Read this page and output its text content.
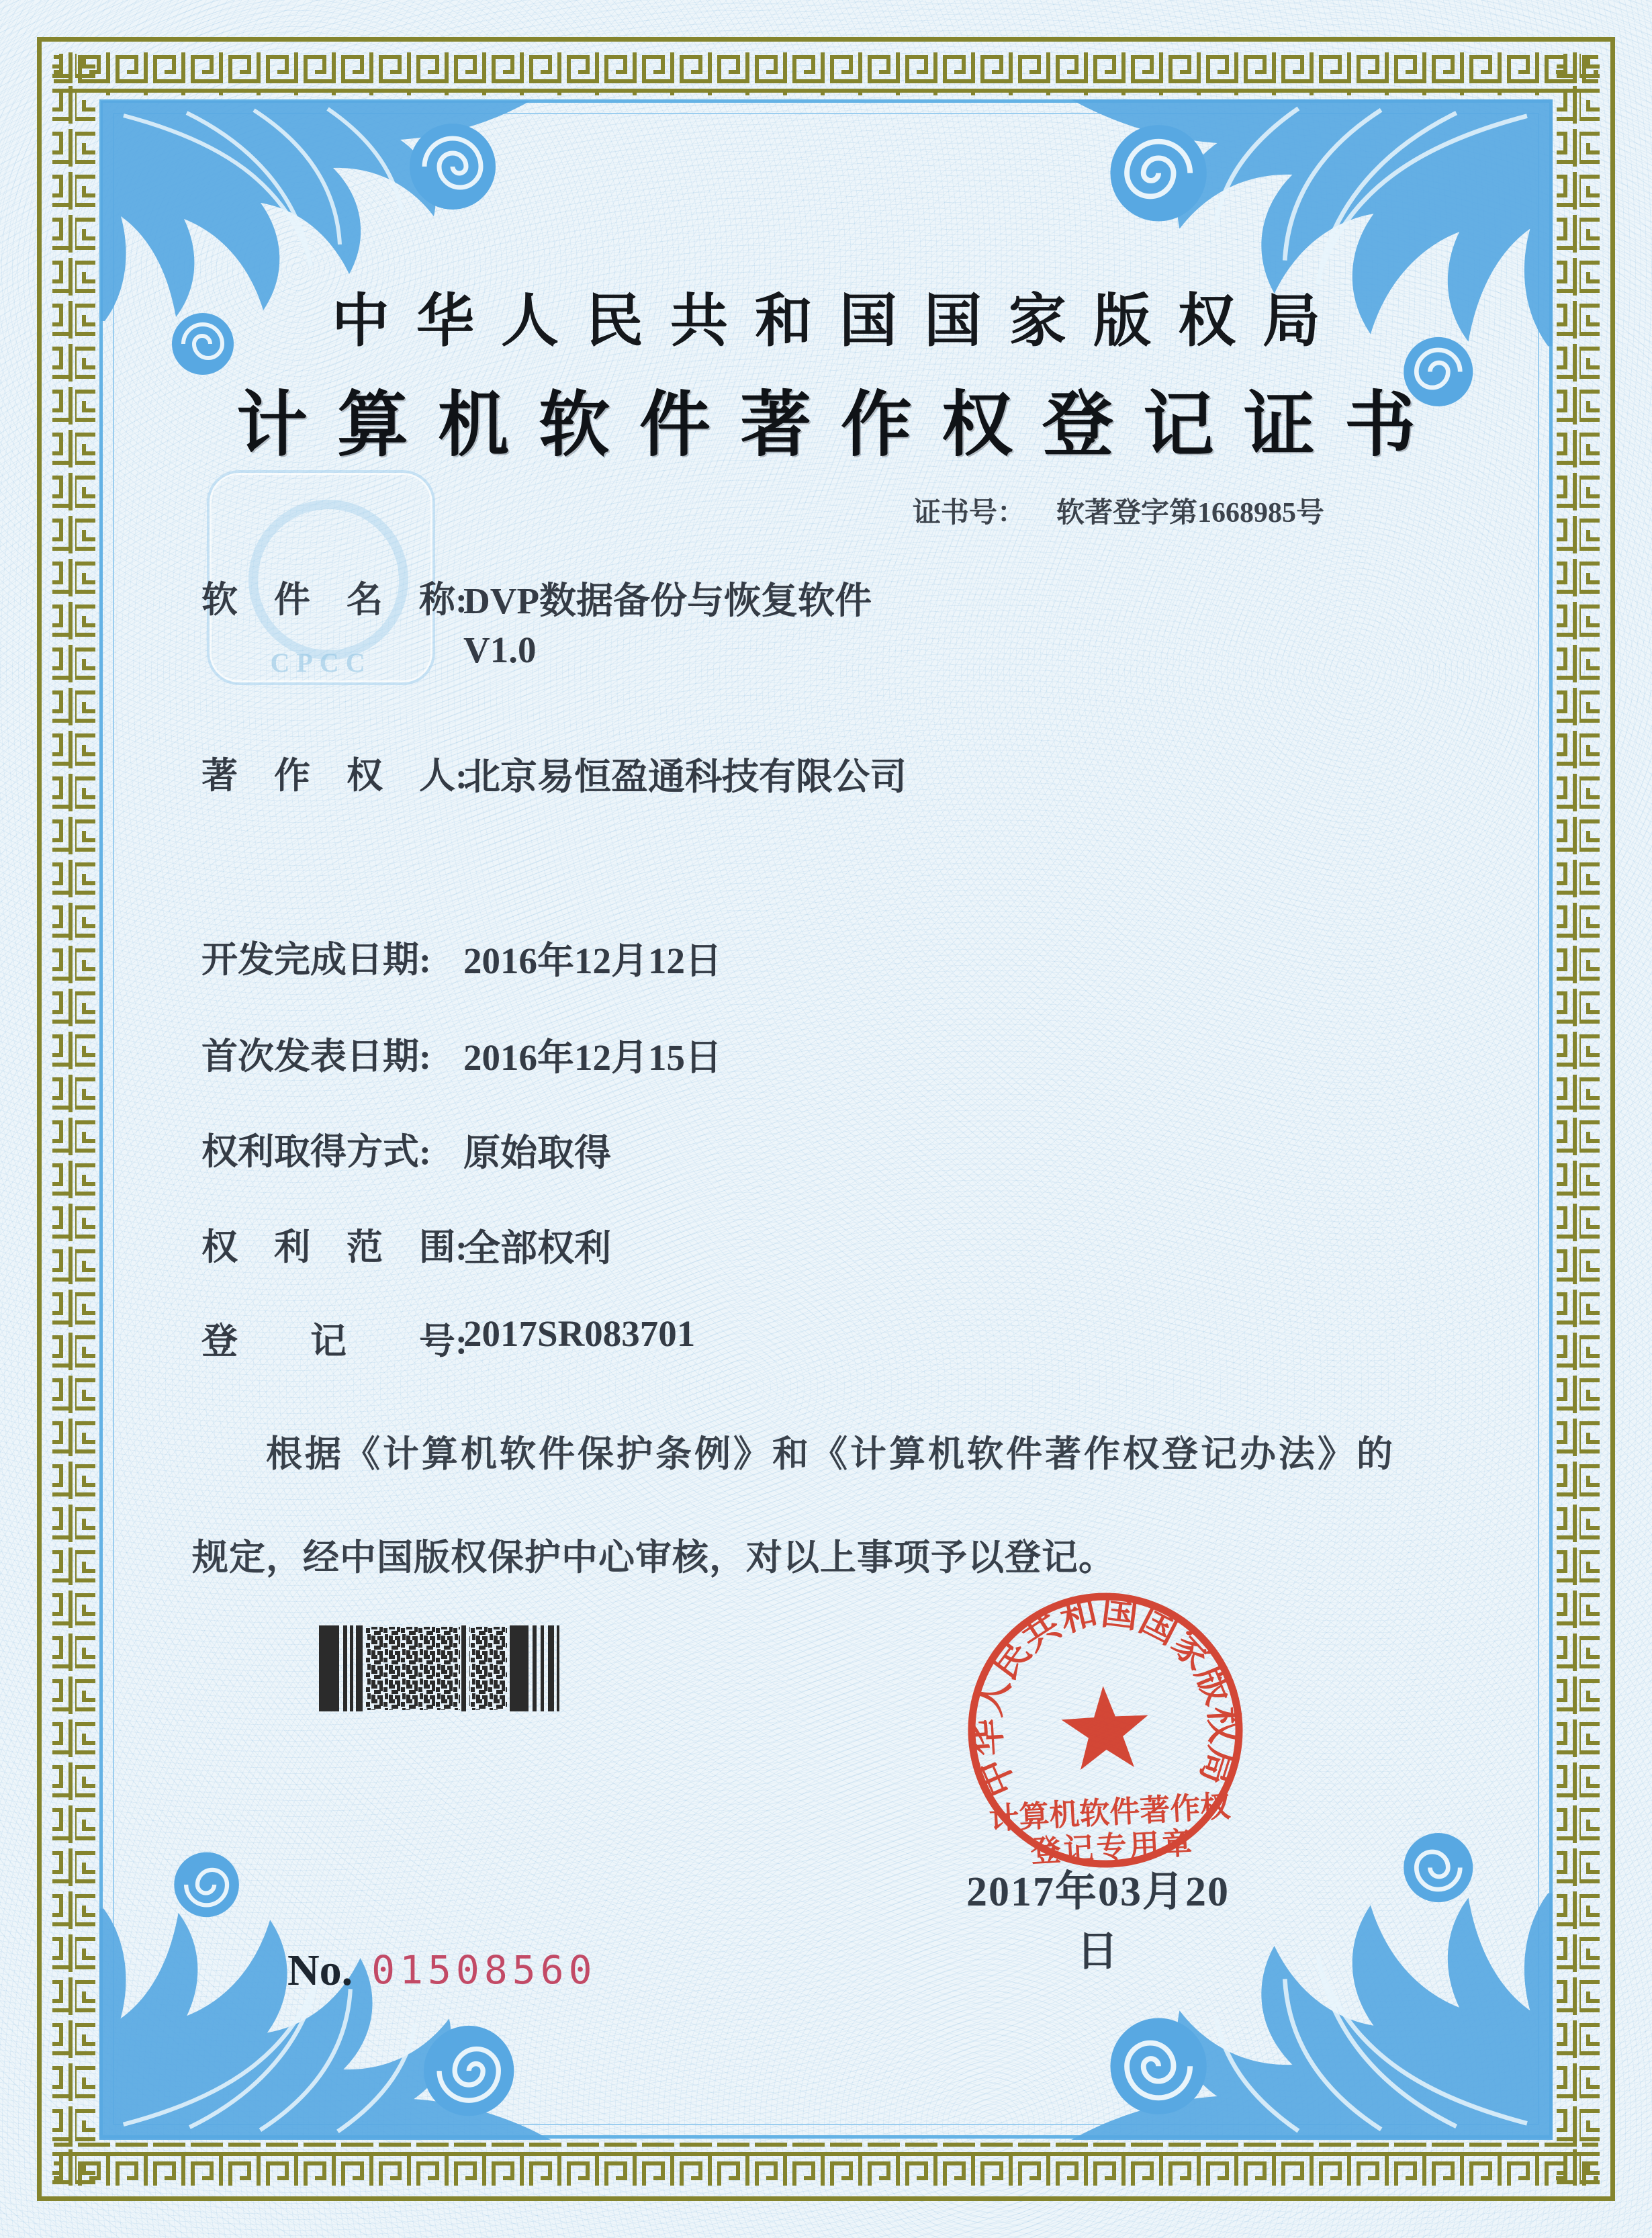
CPCC
中华人民共和国国家版权局
计算机软件著作权登记证书
证书号： 软著登字第1668985号
软　件　名　称:
DVP数据备份与恢复软件
V1.0
著　作　权　人:
北京易恒盈通科技有限公司
开发完成日期: 2016年12月12日
首次发表日期: 2016年12月15日
权利取得方式: 原始取得
权　利　范　围:
全部权利
登　　记　　号:
2017SR083701
根据《计算机软件保护条例》和《计算机软件著作权登记办法》的
规定，经中国版权保护中心审核，对以上事项予以登记。
中华人民共和国国家版权局
计算机软件著作权
登记专用章
2017年03月20日
No. 01508560
